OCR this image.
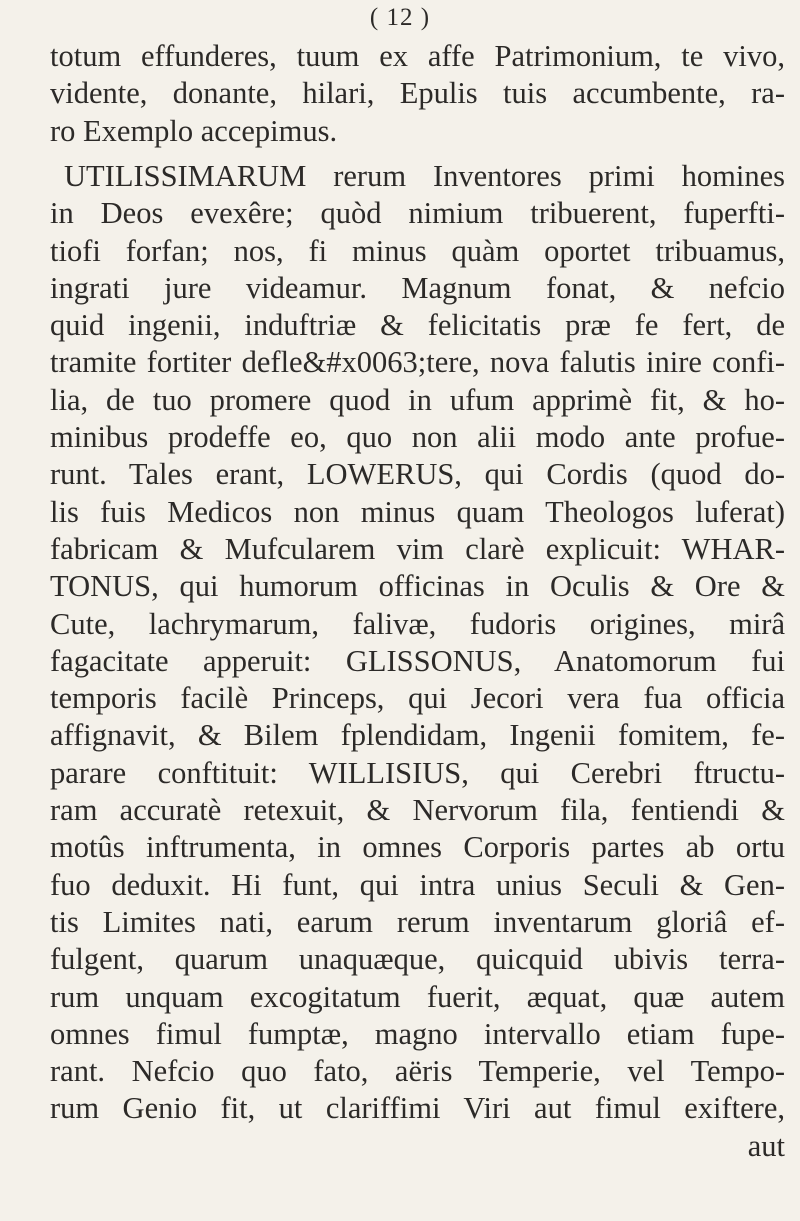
( 12 )
totum effunderes, tuum ex affe Patrimonium, te vivo,
vidente, donante, hilari, Epulis tuis accumbente, ra-
ro Exemplo accepimus.
UTILISSIMARUM rerum Inventores primi homines
in Deos evexêre; quòd nimium tribuerent, fuperfti-
tiofi forfan; nos, fi minus quàm oportet tribuamus,
ingrati jure videamur. Magnum fonat, & nefcio
quid ingenii, induftriæ & felicitatis præ fe fert, de
tramite fortiter defle&#x0063;tere, nova falutis inire confi-
lia, de tuo promere quod in ufum apprimè fit, & ho-
minibus prodeffe eo, quo non alii modo ante profue-
runt. Tales erant, LOWERUS, qui Cordis (quod do-
lis fuis Medicos non minus quam Theologos luferat)
fabricam & Mufcularem vim clarè explicuit: WHAR-
TONUS, qui humorum officinas in Oculis & Ore &
Cute, lachrymarum, falivæ, fudoris origines, mirâ
fagacitate apperuit: GLISSONUS, Anatomorum fui
temporis facilè Princeps, qui Jecori vera fua officia
affignavit, & Bilem fplendidam, Ingenii fomitem, fe-
parare conftituit: WILLISIUS, qui Cerebri ftructu-
ram accuratè retexuit, & Nervorum fila, fentiendi &
motûs inftrumenta, in omnes Corporis partes ab ortu
fuo deduxit. Hi funt, qui intra unius Seculi & Gen-
tis Limites nati, earum rerum inventarum gloriâ ef-
fulgent, quarum unaquæque, quicquid ubivis terra-
rum unquam excogitatum fuerit, æquat, quæ autem
omnes fimul fumptæ, magno intervallo etiam fupe-
rant. Nefcio quo fato, aëris Temperie, vel Tempo-
rum Genio fit, ut clariffimi Viri aut fimul exiftere,
aut
